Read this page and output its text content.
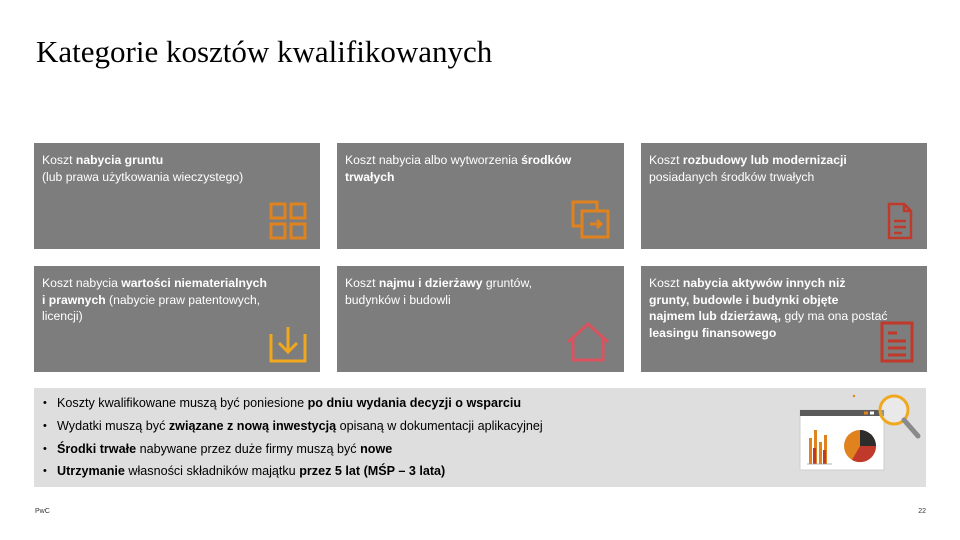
Kategorie kosztów kwalifikowanych
Koszt nabycia gruntu
(lub prawa użytkowania wieczystego)
Koszt nabycia albo wytworzenia środków
trwałych
Koszt rozbudowy lub modernizacji
posiadanych środków trwałych
Koszt nabycia wartości niematerialnych
i prawnych (nabycie praw patentowych,
licencji)
Koszt najmu i dzierżawy gruntów,
budynków i budowli
Koszt nabycia aktywów innych niż
grunty, budowle i budynki objęte
najmem lub dzierżawą, gdy ma ona postać
leasingu finansowego
• Koszty kwalifikowane muszą być poniesione po dniu wydania decyzji o wsparciu
• Wydatki muszą być związane z nową inwestycją opisaną w dokumentacji aplikacyjnej
• Środki trwałe nabywane przez duże firmy muszą być nowe
• Utrzymanie własności składników majątku przez 5 lat (MŚP – 3 lata)
PwC	22
